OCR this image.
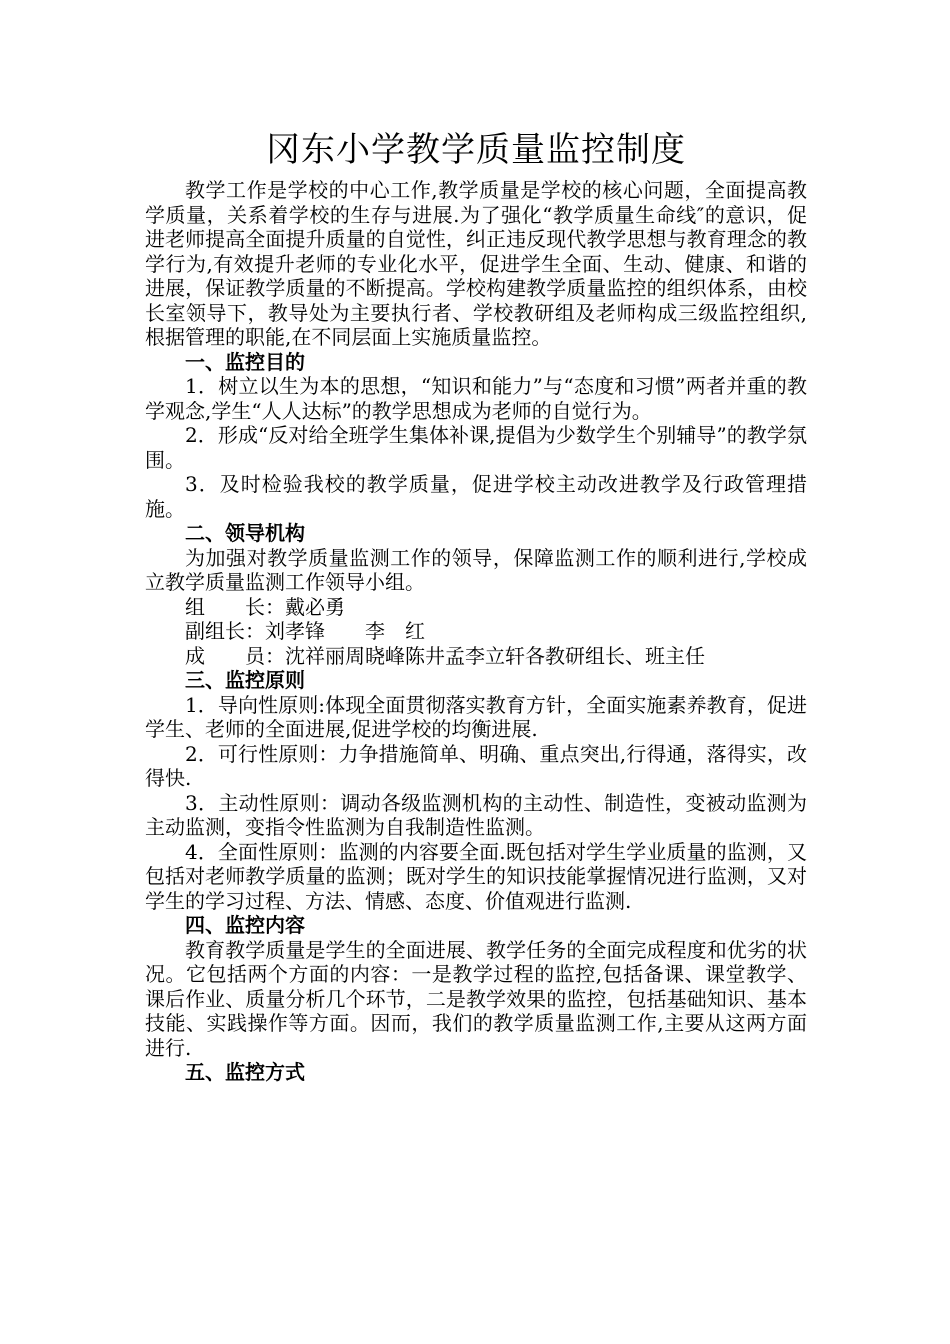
冈东小学教学质量监控制度

教学工作是学校的中心工作,教学质量是学校的核心问题，全面提高教学质量，关系着学校的生存与进展.为了强化“教学质量生命线″的意识，促进老师提高全面提升质量的自觉性，纠正违反现代教学思想与教育理念的教学行为,有效提升老师的专业化水平，促进学生全面、生动、健康、和谐的进展，保证教学质量的不断提高。学校构建教学质量监控的组织体系，由校长室领导下，教导处为主要执行者、学校教研组及老师构成三级监控组织,根据管理的职能,在不同层面上实施质量监控。

一、监控目的

1．树立以生为本的思想，“知识和能力”与“态度和习惯”两者并重的教学观念,学生“人人达标”的教学思想成为老师的自觉行为。

2．形成“反对给全班学生集体补课,提倡为少数学生个别辅导”的教学氛围。

3．及时检验我校的教学质量，促进学校主动改进教学及行政管理措施。

二、领导机构

为加强对教学质量监测工作的领导，保障监测工作的顺利进行,学校成立教学质量监测工作领导小组。

组　　长：戴必勇

副组长：刘孝锋 李　红

成　　员：沈祥丽周晓峰陈井孟李立轩各教研组长、班主任

三、监控原则

1．导向性原则:体现全面贯彻落实教育方针，全面实施素养教育，促进学生、老师的全面进展,促进学校的均衡进展.

2．可行性原则：力争措施简单、明确、重点突出,行得通，落得实，改得快.

3．主动性原则：调动各级监测机构的主动性、制造性，变被动监测为主动监测，变指令性监测为自我制造性监测。

4．全面性原则：监测的内容要全面.既包括对学生学业质量的监测，又包括对老师教学质量的监测；既对学生的知识技能掌握情况进行监测，又对学生的学习过程、方法、情感、态度、价值观进行监测.

四、监控内容

教育教学质量是学生的全面进展、教学任务的全面完成程度和优劣的状况。它包括两个方面的内容：一是教学过程的监控,包括备课、课堂教学、课后作业、质量分析几个环节，二是教学效果的监控，包括基础知识、基本技能、实践操作等方面。因而，我们的教学质量监测工作,主要从这两方面进行.

五、监控方式
